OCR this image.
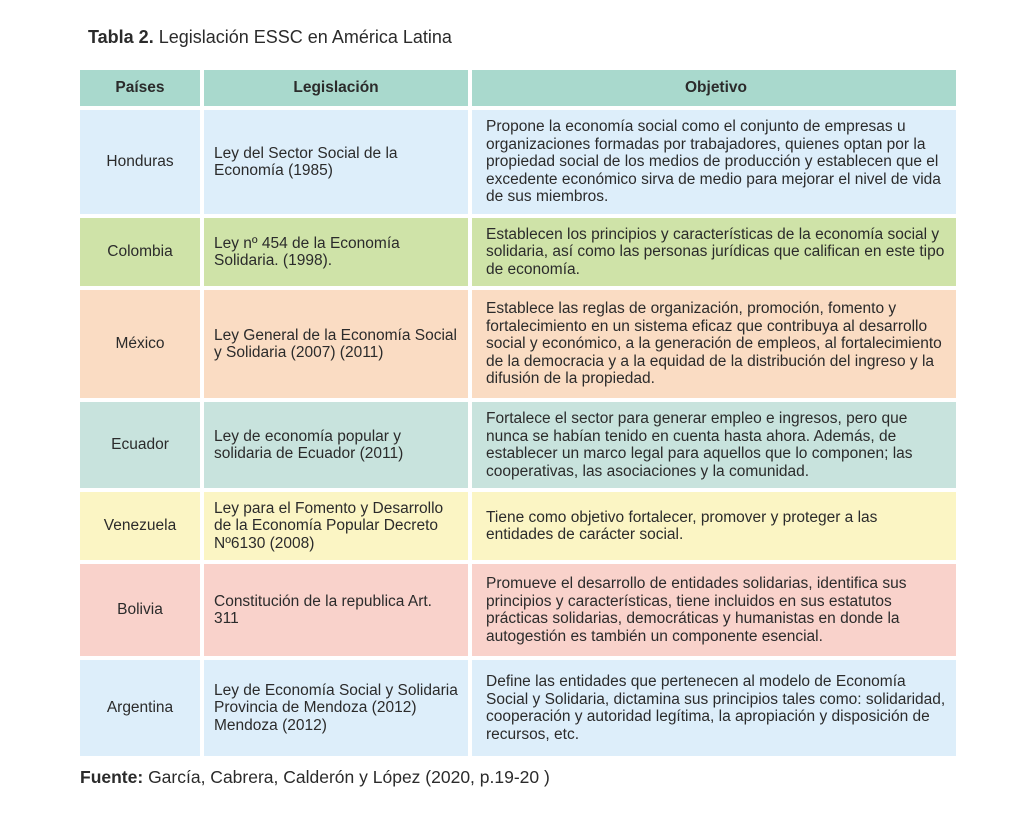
Tabla 2. Legislación ESSC en América Latina
Países	Legislación	Objetivo
Honduras
Ley del Sector Social de la Economía (1985)
Propone la economía social como el conjunto de empresas u organizaciones formadas por trabajadores, quienes optan por la propiedad social de los medios de producción y establecen que el excedente económico sirva de medio para mejorar el nivel de vida de sus miembros.
Colombia
Ley nº 454 de la Economía Solidaria. (1998).
Establecen los principios y características de la economía social y solidaria, así como las personas jurídicas que califican en este tipo de economía.
México
Ley General de la Economía Social y Solidaria (2007) (2011)
Establece las reglas de organización, promoción, fomento y fortalecimiento en un sistema eficaz que contribuya al desarrollo social y económico, a la generación de empleos, al fortalecimiento de la democracia y a la equidad de la distribución del ingreso y la difusión de la propiedad.
Ecuador
Ley de economía popular y solidaria de Ecuador (2011)
Fortalece el sector para generar empleo e ingresos, pero que nunca se habían tenido en cuenta hasta ahora. Además, de establecer un marco legal para aquellos que lo componen; las cooperativas, las asociaciones y la comunidad.
Venezuela
Ley para el Fomento y Desarrollo de la Economía Popular Decreto Nº6130 (2008)
Tiene como objetivo fortalecer, promover y proteger a las entidades de carácter social.
Bolivia
Constitución de la republica Art. 311
Promueve el desarrollo de entidades solidarias, identifica sus principios y características, tiene incluidos en sus estatutos prácticas solidarias, democráticas y humanistas en donde la autogestión es también un componente esencial.
Argentina
Ley de Economía Social y Solidaria Provincia de Mendoza (2012) Mendoza (2012)
Define las entidades que pertenecen al modelo de Economía Social y Solidaria, dictamina sus principios tales como: solidaridad, cooperación y autoridad legítima, la apropiación y disposición de recursos, etc.
Fuente: García, Cabrera, Calderón y López (2020, p.19-20 )
